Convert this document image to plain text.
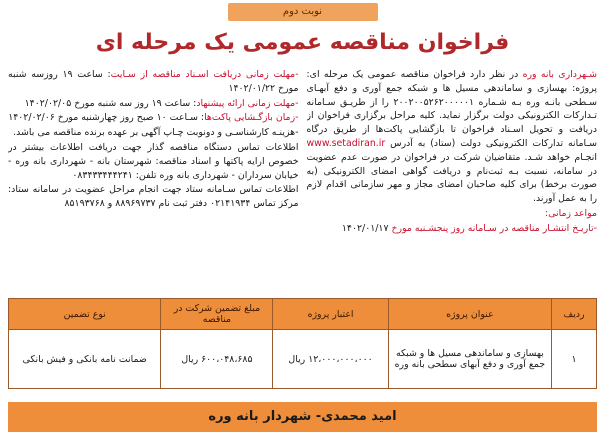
نوبت دوم
فراخوان مناقصه عمومی یک مرحله ای

شـهرداری بانه وره در نظر دارد فراخوان مناقصه عمومی یک مرحله ای: پروژه: بهسازی و ساماندهی مسیل ها و شبکه جمع آوری و دفع آبهـای سـطحی بانـه وره بـه شـماره ۲۰۰۲۰۰۵۲۶۲۰۰۰۰۰۱ را از طریـق سـامانه تـدارکات الکترونیکی دولت برگزار نماید. کلیه مراحل برگزاری فراخوان از دریافت و تحویل اسـناد فراخوان تا بازگشایی پاکت‌ها از طریق درگاه سـامانه تدارکات الکترونیکی دولت (ستاد) به آدرس www.setadiran.ir انجـام خواهد شـد. متقاضیان شرکت در فراخوان در صورت عدم عضویت در سامانه، نسبت بـه ثبت‌نام و دریافت گواهی امضای الکترونیکی (به صورت برخط) برای کلیه صاحبان امضای مجاز و مهر سازمانی اقدام لازم را به عمل آورند.

مواعد زمانی:

-تاریـخ انتشـار مناقصه در سـامانه روز پنجشـنبه مورخ ۱۴۰۲/۰۱/۱۷

-مهلت زمانی دریافت اسـناد مناقصه از سـایت: ساعت ۱۹ روزسه شنبه مورخ ۱۴۰۲/۰۱/۲۲

-مهلت زمانی ارائه پیشنهاد: ساعت ۱۹ روز سه شنبه مورخ ۱۴۰۲/۰۲/۰۵

-زمان بازگـشایی پاکت‌ها: سـاعت ۱۰ صبح روز چهارشنبه مورخ ۱۴۰۲/۰۲/۰۶

-هزینـه کارشناسـی و دونوبت چـاپ آگهی بر عهده برنده مناقصه می باشد.

اطلاعات تماس دستگاه مناقصه گذار جهت دریافت اطلاعات بیشتر در خصوص ارایه پاکتها و اسناد مناقصه: شهرستان بانه - شهرداری بانه وره - خیابان سرداران - شهرداری بانه وره تلفن: ۰۸۳۴۳۳۴۴۴۲۴۱

اطلاعات تماس سـامانه ستاد جهت انجام مراحل عضویت در سامانه ستاد: مرکز تماس ۰۲۱۴۱۹۳۴ دفتر ثبت نام ۸۸۹۶۹۷۳۷ و ۸۵۱۹۳۷۶۸

ردیف	عنوان پروژه	اعتبار پروژه	مبلغ تضمین شرکت در مناقصه	نوع تضمین
۱	بهسازی و ساماندهی مسیل ها و شبکه جمع آوری و دفع آبهای سطحی بانه وره	۱۲،۰۰۰،۰۰۰،۰۰۰ ریال	۶۰۰،۰۴۸،۶۸۵ ریال	ضمانت نامه بانکی و فیش بانکی
امید محمدی- شهردار بانه وره
